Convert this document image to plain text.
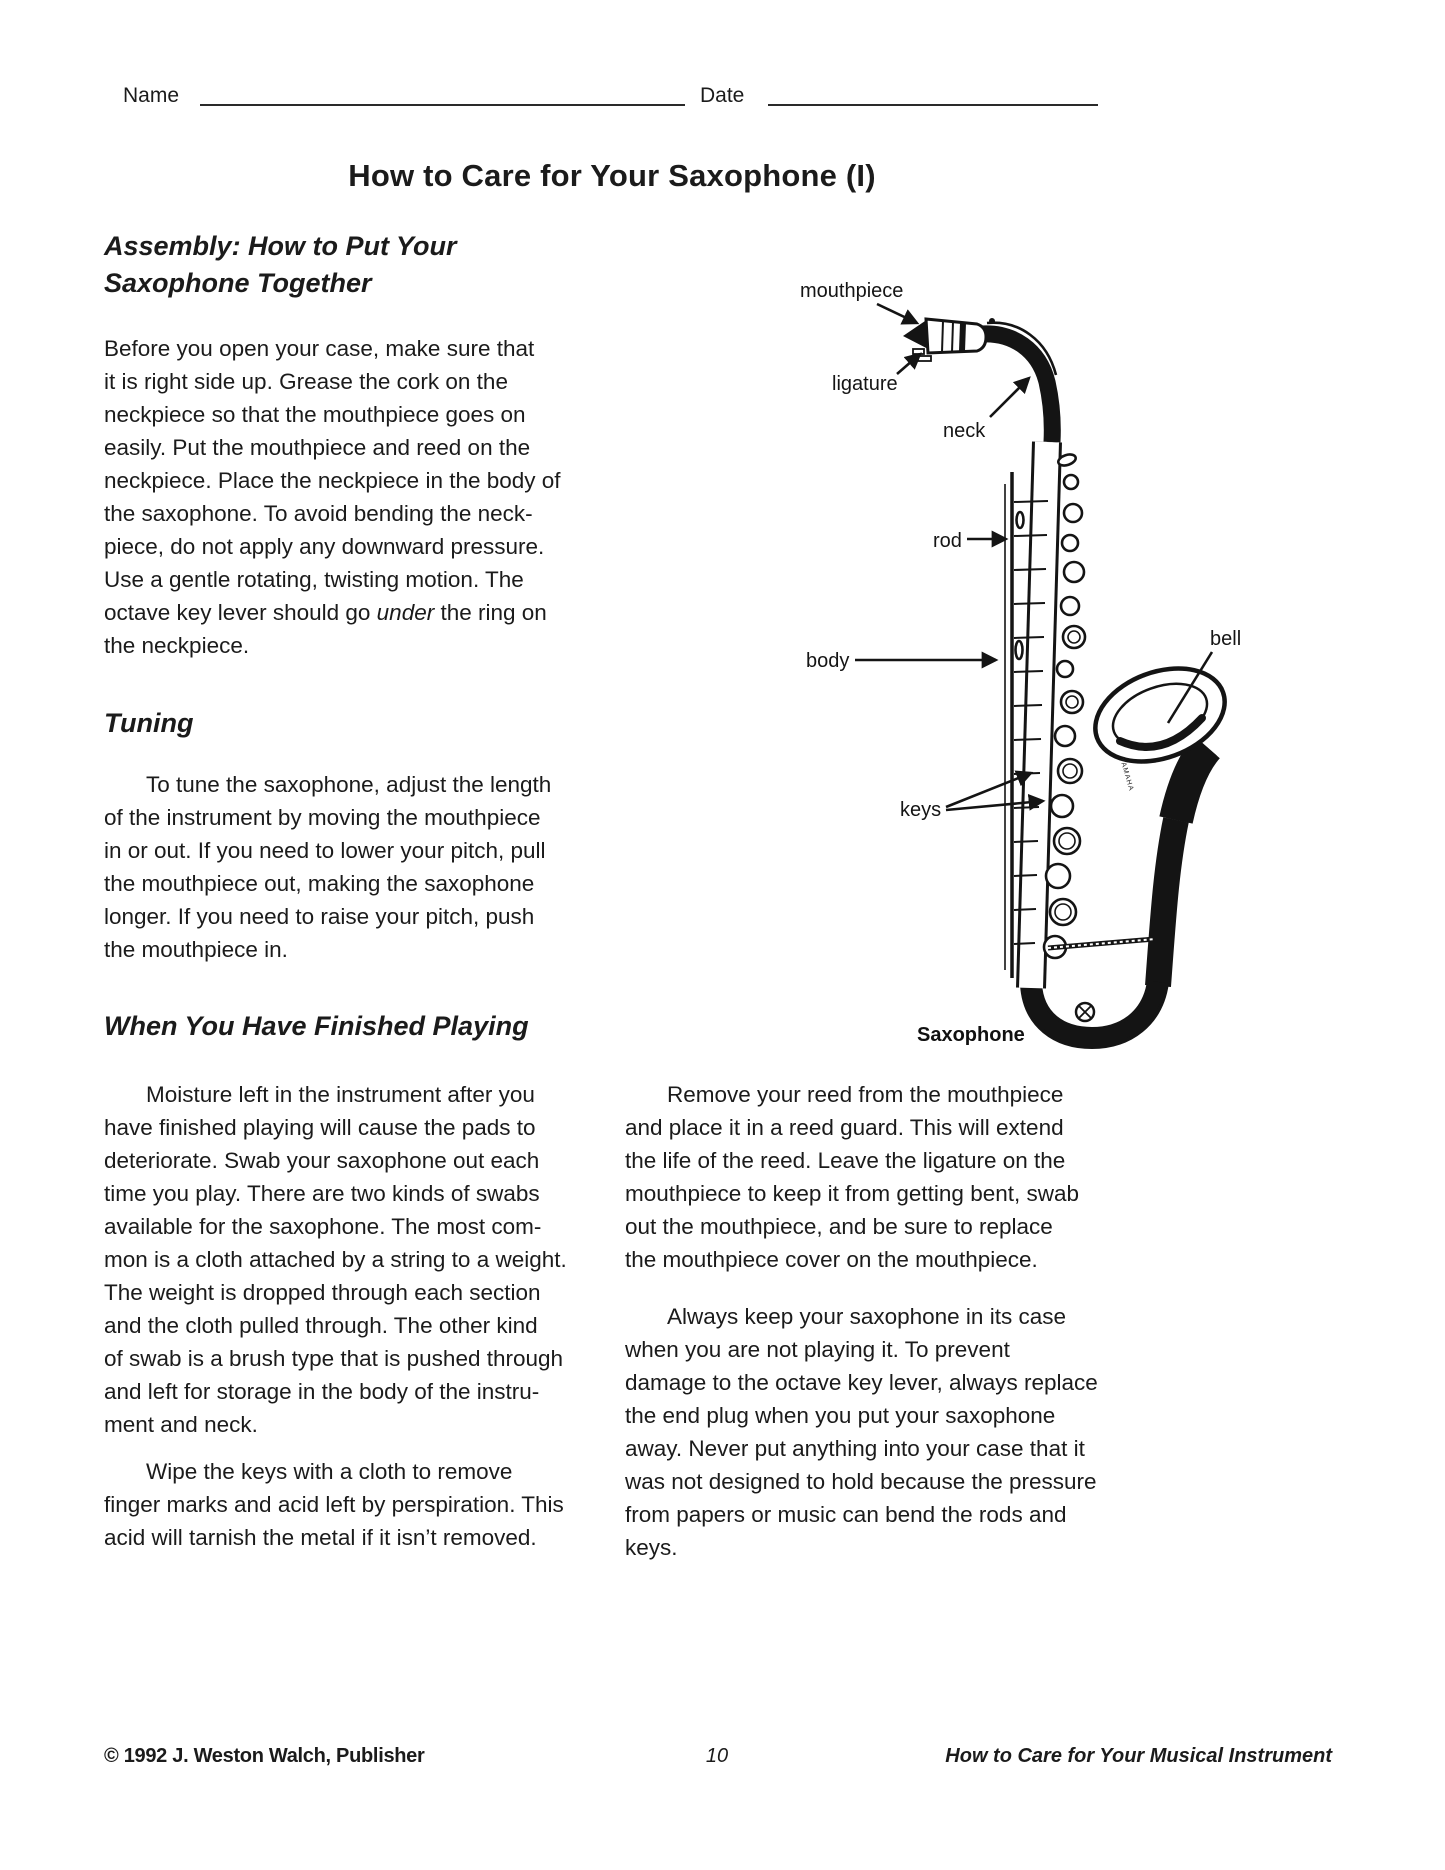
Name	Date
How to Care for Your Saxophone (I)
Assembly: How to Put Your
Saxophone Together
Before you open your case, make sure that
it is right side up. Grease the cork on the
neckpiece so that the mouthpiece goes on
easily. Put the mouthpiece and reed on the
neckpiece. Place the neckpiece in the body of
the saxophone. To avoid bending the neck-
piece, do not apply any downward pressure.
Use a gentle rotating, twisting motion. The
octave key lever should go under the ring on
the neckpiece.
Tuning
To tune the saxophone, adjust the length
of the instrument by moving the mouthpiece
in or out. If you need to lower your pitch, pull
the mouthpiece out, making the saxophone
longer. If you need to raise your pitch, push
the mouthpiece in.
When You Have Finished Playing
Moisture left in the instrument after you
have finished playing will cause the pads to
deteriorate. Swab your saxophone out each
time you play. There are two kinds of swabs
available for the saxophone. The most com-
mon is a cloth attached by a string to a weight.
The weight is dropped through each section
and the cloth pulled through. The other kind
of swab is a brush type that is pushed through
and left for storage in the body of the instru-
ment and neck.
Wipe the keys with a cloth to remove
finger marks and acid left by perspiration. This
acid will tarnish the metal if it isn’t removed.
Remove your reed from the mouthpiece
and place it in a reed guard. This will extend
the life of the reed. Leave the ligature on the
mouthpiece to keep it from getting bent, swab
out the mouthpiece, and be sure to replace
the mouthpiece cover on the mouthpiece.
Always keep your saxophone in its case
when you are not playing it. To prevent
damage to the octave key lever, always replace
the end plug when you put your saxophone
away. Never put anything into your case that it
was not designed to hold because the pressure
from papers or music can bend the rods and
keys.
YAMAHA
mouthpiece
ligature
neck
rod
body
bell
keys
Saxophone
© 1992 J. Weston Walch, Publisher	10	How to Care for Your Musical Instrument
